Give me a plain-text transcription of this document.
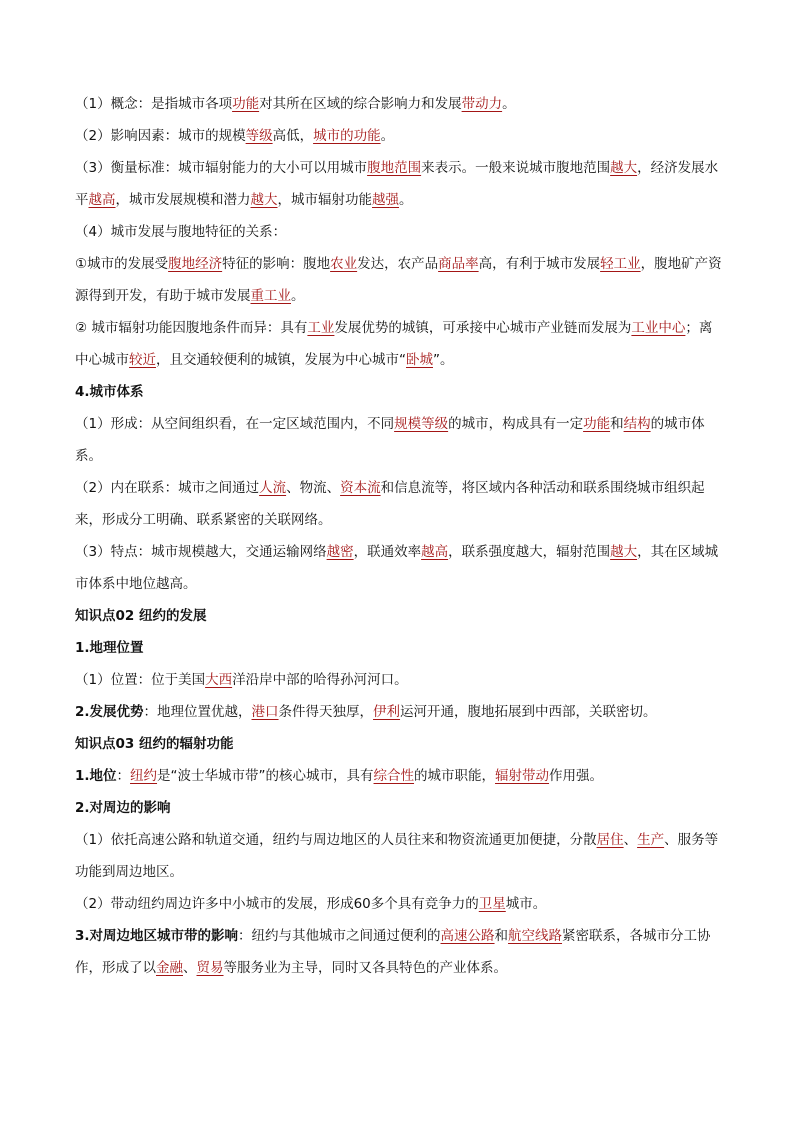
（1）概念：是指城市各项功能对其所在区域的综合影响力和发展带动力。

（2）影响因素：城市的规模等级高低，城市的功能。

（3）衡量标准：城市辐射能力的大小可以用城市腹地范围来表示。一般来说城市腹地范围越大，经济发展水平越高，城市发展规模和潜力越大，城市辐射功能越强。

（4）城市发展与腹地特征的关系：

①城市的发展受腹地经济特征的影响：腹地农业发达，农产品商品率高，有利于城市发展轻工业，腹地矿产资源得到开发，有助于城市发展重工业。

② 城市辐射功能因腹地条件而异：具有工业发展优势的城镇，可承接中心城市产业链而发展为工业中心；离中心城市较近，且交通较便利的城镇，发展为中心城市“卧城”。

4.城市体系

（1）形成：从空间组织看，在一定区域范围内，不同规模等级的城市，构成具有一定功能和结构的城市体系。

（2）内在联系：城市之间通过人流、物流、资本流和信息流等，将区域内各种活动和联系围绕城市组织起来，形成分工明确、联系紧密的关联网络。

（3）特点：城市规模越大，交通运输网络越密，联通效率越高，联系强度越大，辐射范围越大，其在区域城市体系中地位越高。

知识点02 纽约的发展

1.地理位置

（1）位置：位于美国大西洋沿岸中部的哈得孙河河口。

2.发展优势：地理位置优越，港口条件得天独厚，伊利运河开通，腹地拓展到中西部，关联密切。

知识点03 纽约的辐射功能

1.地位：纽约是“波士华城市带”的核心城市，具有综合性的城市职能，辐射带动作用强。

2.对周边的影响

（1）依托高速公路和轨道交通，纽约与周边地区的人员往来和物资流通更加便捷，分散居住、生产、服务等功能到周边地区。

（2）带动纽约周边许多中小城市的发展，形成60多个具有竞争力的卫星城市。

3.对周边地区城市带的影响：纽约与其他城市之间通过便利的高速公路和航空线路紧密联系，各城市分工协作，形成了以金融、贸易等服务业为主导，同时又各具特色的产业体系。
